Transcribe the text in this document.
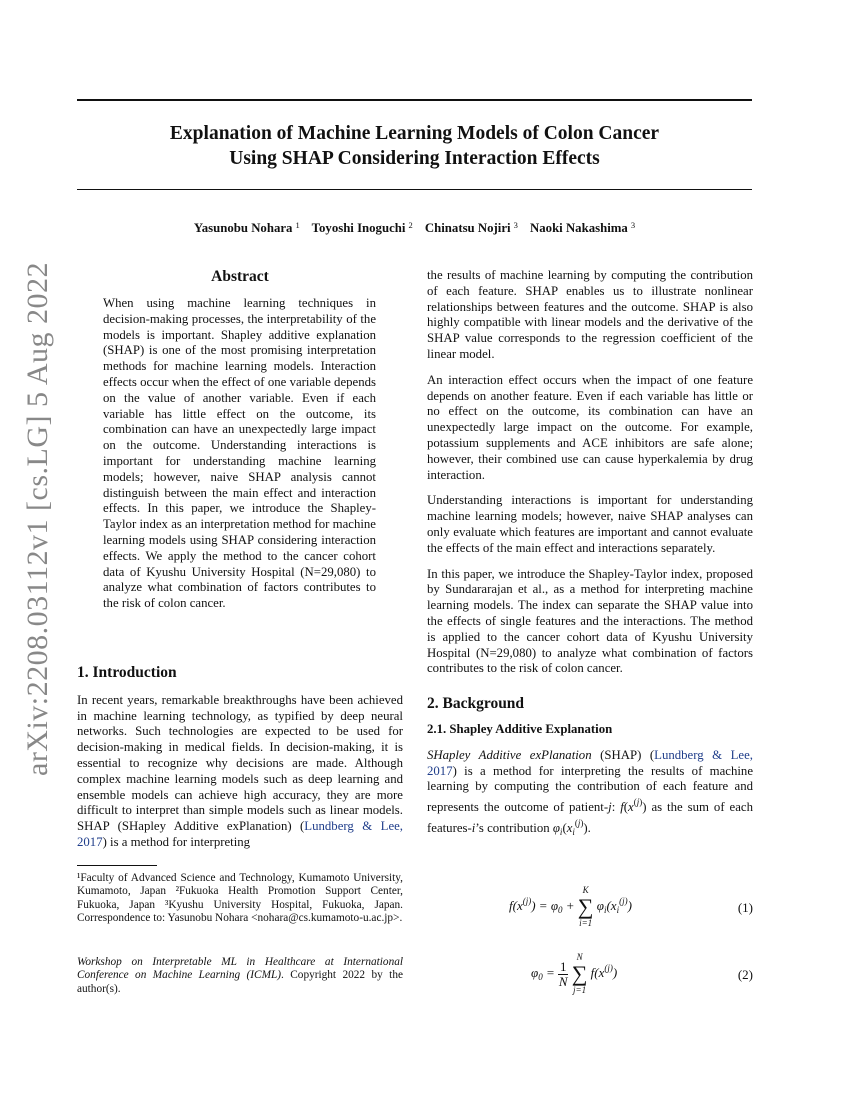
arXiv:2208.03112v1 [cs.LG] 5 Aug 2022
Explanation of Machine Learning Models of Colon Cancer
Using SHAP Considering Interaction Effects
Yasunobu Nohara $^1$ Toyoshi Inoguchi $^2$ Chinatsu Nojiri $^3$ Naoki Nakashima $^3$
Abstract
When using machine learning techniques in decision-making processes, the interpretability of the models is important. Shapley additive explanation (SHAP) is one of the most promising interpretation methods for machine learning models. Interaction effects occur when the effect of one variable depends on the value of another variable. Even if each variable has little effect on the outcome, its combination can have an unexpectedly large impact on the outcome. Understanding interactions is important for understanding machine learning models; however, naive SHAP analysis cannot distinguish between the main effect and interaction effects. In this paper, we introduce the Shapley-Taylor index as an interpretation method for machine learning models using SHAP considering interaction effects. We apply the method to the cancer cohort data of Kyushu University Hospital (N=29,080) to analyze what combination of factors contributes to the risk of colon cancer.
1. Introduction

In recent years, remarkable breakthroughs have been achieved in machine learning technology, as typified by deep neural networks. Such technologies are expected to be used for decision-making in medical fields. In decision-making, it is essential to recognize why decisions are made. Although complex machine learning models such as deep learning and ensemble models can achieve high accuracy, they are more difficult to interpret than simple models such as linear models. SHAP (SHapley Additive exPlanation) (Lundberg & Lee, 2017) is a method for interpreting

¹Faculty of Advanced Science and Technology, Kumamoto University, Kumamoto, Japan ²Fukuoka Health Promotion Support Center, Fukuoka, Japan ³Kyushu University Hospital, Fukuoka, Japan. Correspondence to: Yasunobu Nohara <nohara@cs.kumamoto-u.ac.jp>.
Workshop on Interpretable ML in Healthcare at International Conference on Machine Learning (ICML). Copyright 2022 by the author(s).

the results of machine learning by computing the contribution of each feature. SHAP enables us to illustrate nonlinear relationships between features and the outcome. SHAP is also highly compatible with linear models and the derivative of the SHAP value corresponds to the regression coefficient of the linear model.

An interaction effect occurs when the impact of one feature depends on another feature. Even if each variable has little or no effect on the outcome, its combination can have an unexpectedly large impact on the outcome. For example, potassium supplements and ACE inhibitors are safe alone; however, their combined use can cause hyperkalemia by drug interaction.

Understanding interactions is important for understanding machine learning models; however, naive SHAP analyses can only evaluate which features are important and cannot evaluate the effects of the main effect and interactions separately.

In this paper, we introduce the Shapley-Taylor index, proposed by Sundararajan et al., as a method for interpreting machine learning models. The index can separate the SHAP value into the effects of single features and the interactions. The method is applied to the cancer cohort data of Kyushu University Hospital (N=29,080) to analyze what combination of factors contributes to the risk of colon cancer.

2. Background
2.1. Shapley Additive Explanation

SHapley Additive exPlanation (SHAP) (Lundberg & Lee, 2017) is a method for interpreting the results of machine learning by computing the contribution of each feature and represents the outcome of patient-j: $f(x^{(j)})$ as the sum of each features-i’s contribution $\varphi_i(x_i^{(j)})$.

$f(x^{(j)}) = \varphi_0$ +
K
∑
i=1
$\varphi_i(x_i^{(j)})$	(1)
$\varphi_0 = \frac{1}{N}$

N
∑
j=1
$f(x^{(j)})$	(2)
